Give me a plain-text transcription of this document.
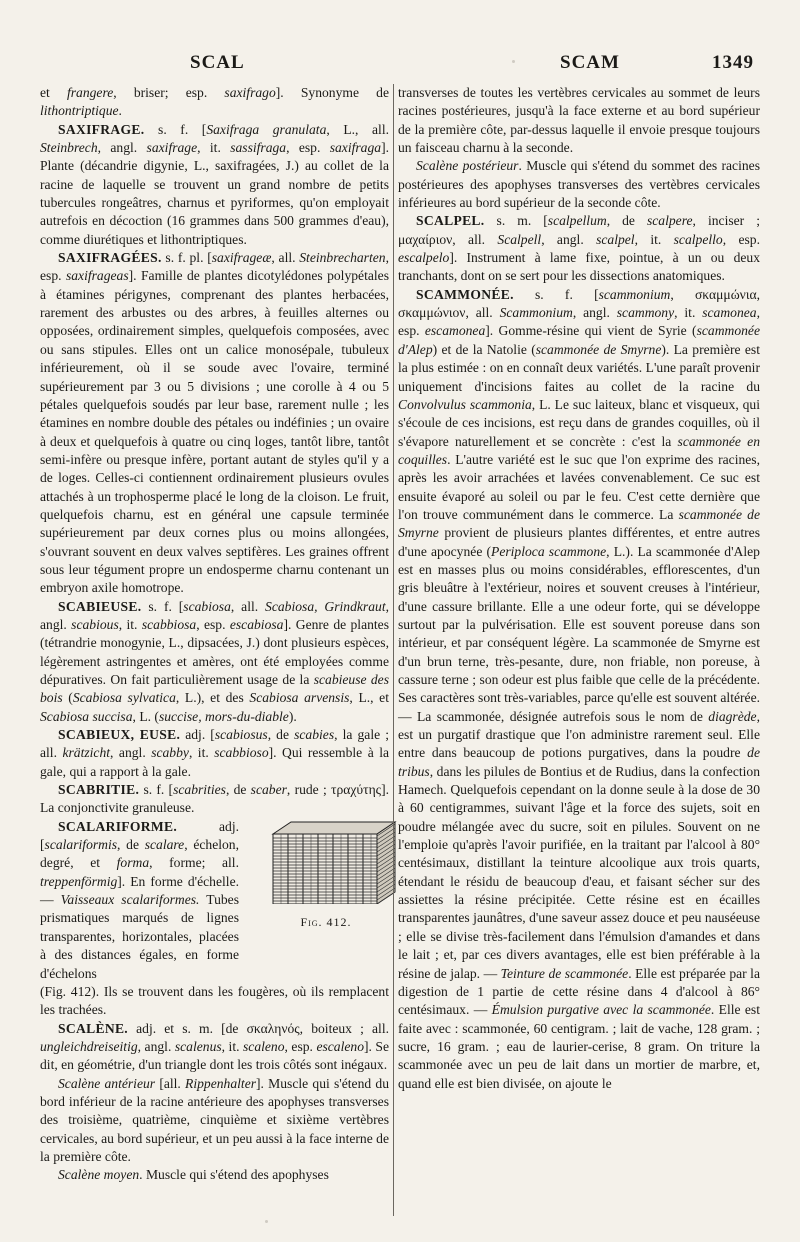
SCAL	SCAM	1349

et frangere, briser; esp. saxifrago]. Synonyme de lithontriptique.

SAXIFRAGE. s. f. [Saxifraga granulata, L., all. Steinbrech, angl. saxifrage, it. sassifraga, esp. saxifraga]. Plante (décandrie digynie, L., saxifragées, J.) au collet de la racine de laquelle se trouvent un grand nombre de petits tubercules rongeâtres, charnus et pyriformes, qu'on employait autrefois en décoction (16 grammes dans 500 grammes d'eau), comme diurétiques et lithontriptiques.

SAXIFRAGÉES. s. f. pl. [saxifrageæ, all. Steinbrecharten, esp. saxifrageas]. Famille de plantes dicotylédones polypétales à étamines périgynes, comprenant des plantes herbacées, rarement des arbustes ou des arbres, à feuilles alternes ou opposées, ordinairement simples, quelquefois composées, avec ou sans stipules. Elles ont un calice monosépale, tubuleux inférieurement, où il se soude avec l'ovaire, terminé supérieurement par 3 ou 5 divisions ; une corolle à 4 ou 5 pétales quelquefois soudés par leur base, rarement nulle ; les étamines en nombre double des pétales ou indéfinies ; un ovaire à deux et quelquefois à quatre ou cinq loges, tantôt libre, tantôt semi-infère ou presque infère, portant autant de styles qu'il y a de loges. Celles-ci contiennent ordinairement plusieurs ovules attachés à un trophosperme placé le long de la cloison. Le fruit, quelquefois charnu, est en général une capsule terminée supérieurement par deux cornes plus ou moins allongées, s'ouvrant souvent en deux valves septifères. Les graines offrent sous leur tégument propre un endosperme charnu contenant un embryon axile homotrope.

SCABIEUSE. s. f. [scabiosa, all. Scabiosa, Grindkraut, angl. scabious, it. scabbiosa, esp. escabiosa]. Genre de plantes (tétrandrie monogynie, L., dipsacées, J.) dont plusieurs espèces, légèrement astringentes et amères, ont été employées comme dépuratives. On fait particulièrement usage de la scabieuse des bois (Scabiosa sylvatica, L.), et des Scabiosa arvensis, L., et Scabiosa succisa, L. (succise, mors-du-diable).

SCABIEUX, EUSE. adj. [scabiosus, de scabies, la gale ; all. krätzicht, angl. scabby, it. scabbioso]. Qui ressemble à la gale, qui a rapport à la gale.

SCABRITIE. s. f. [scabrities, de scaber, rude ; τραχύτης]. La conjonctivite granuleuse.

SCALARIFORME. adj. [scalariformis, de scalare, échelon, degré, et forma, forme; all. treppenförmig]. En forme d'échelle. — Vaisseaux scalariformes. Tubes prismatiques marqués de lignes transparentes, horizontales, placées à des distances égales, en forme d'échelons

Fig. 412.

(Fig. 412). Ils se trouvent dans les fougères, où ils remplacent les trachées.

SCALÈNE. adj. et s. m. [de σκαληνός, boiteux ; all. ungleichdreiseitig, angl. scalenus, it. scaleno, esp. escaleno]. Se dit, en géométrie, d'un triangle dont les trois côtés sont inégaux.

Scalène antérieur [all. Rippenhalter]. Muscle qui s'étend du bord inférieur de la racine antérieure des apophyses transverses des troisième, quatrième, cinquième et sixième vertèbres cervicales, au bord supérieur, et un peu aussi à la face interne de la première côte.

Scalène moyen. Muscle qui s'étend des apophyses

transverses de toutes les vertèbres cervicales au sommet de leurs racines postérieures, jusqu'à la face externe et au bord supérieur de la première côte, par-dessus laquelle il envoie presque toujours un faisceau charnu à la seconde.

Scalène postérieur. Muscle qui s'étend du sommet des racines postérieures des apophyses transverses des vertèbres cervicales inférieures au bord supérieur de la seconde côte.

SCALPEL. s. m. [scalpellum, de scalpere, inciser ; μαχαίριον, all. Scalpell, angl. scalpel, it. scalpello, esp. escalpelo]. Instrument à lame fixe, pointue, à un ou deux tranchants, dont on se sert pour les dissections anatomiques.

SCAMMONÉE. s. f. [scammonium, σκαμμώνια, σκαμμώνιον, all. Scammonium, angl. scammony, it. scamonea, esp. escamonea]. Gomme-résine qui vient de Syrie (scammonée d'Alep) et de la Natolie (scammonée de Smyrne). La première est la plus estimée : on en connaît deux variétés. L'une paraît provenir uniquement d'incisions faites au collet de la racine du Convolvulus scammonia, L. Le suc laiteux, blanc et visqueux, qui s'écoule de ces incisions, est reçu dans de grandes coquilles, où il s'évapore naturellement et se concrète : c'est la scammonée en coquilles. L'autre variété est le suc que l'on exprime des racines, après les avoir arrachées et lavées convenablement. Ce suc est ensuite évaporé au soleil ou par le feu. C'est cette dernière que l'on trouve communément dans le commerce. La scammonée de Smyrne provient de plusieurs plantes différentes, et entre autres d'une apocynée (Periploca scammone, L.). La scammonée d'Alep est en masses plus ou moins considérables, efflorescentes, d'un gris bleuâtre à l'extérieur, noires et souvent creuses à l'intérieur, d'une cassure brillante. Elle a une odeur forte, qui se développe surtout par la pulvérisation. Elle est souvent poreuse dans son intérieur, et par conséquent légère. La scammonée de Smyrne est d'un brun terne, très-pesante, dure, non friable, non poreuse, à cassure terne ; son odeur est plus faible que celle de la précédente. Ses caractères sont très-variables, parce qu'elle est souvent altérée. — La scammonée, désignée autrefois sous le nom de diagrède, est un purgatif drastique que l'on administre rarement seul. Elle entre dans beaucoup de potions purgatives, dans la poudre de tribus, dans les pilules de Bontius et de Rudius, dans la confection Hamech. Quelquefois cependant on la donne seule à la dose de 30 à 60 centigrammes, suivant l'âge et la force des sujets, soit en poudre mélangée avec du sucre, soit en pilules. Souvent on ne l'emploie qu'après l'avoir purifiée, en la traitant par l'alcool à 80° centésimaux, distillant la teinture alcoolique aux trois quarts, étendant le résidu de beaucoup d'eau, et faisant sécher sur des assiettes la résine précipitée. Cette résine est en écailles transparentes jaunâtres, d'une saveur assez douce et peu nauséeuse ; elle se divise très-facilement dans l'émulsion d'amandes et dans le lait ; et, par ces divers avantages, elle est bien préférable à la résine de jalap. — Teinture de scammonée. Elle est préparée par la digestion de 1 partie de cette résine dans 4 d'alcool à 86° centésimaux. — Émulsion purgative avec la scammonée. Elle est faite avec : scammonée, 60 centigram. ; lait de vache, 128 gram. ; sucre, 16 gram. ; eau de laurier-cerise, 8 gram. On triture la scammonée avec un peu de lait dans un mortier de marbre, et, quand elle est bien divisée, on ajoute le
